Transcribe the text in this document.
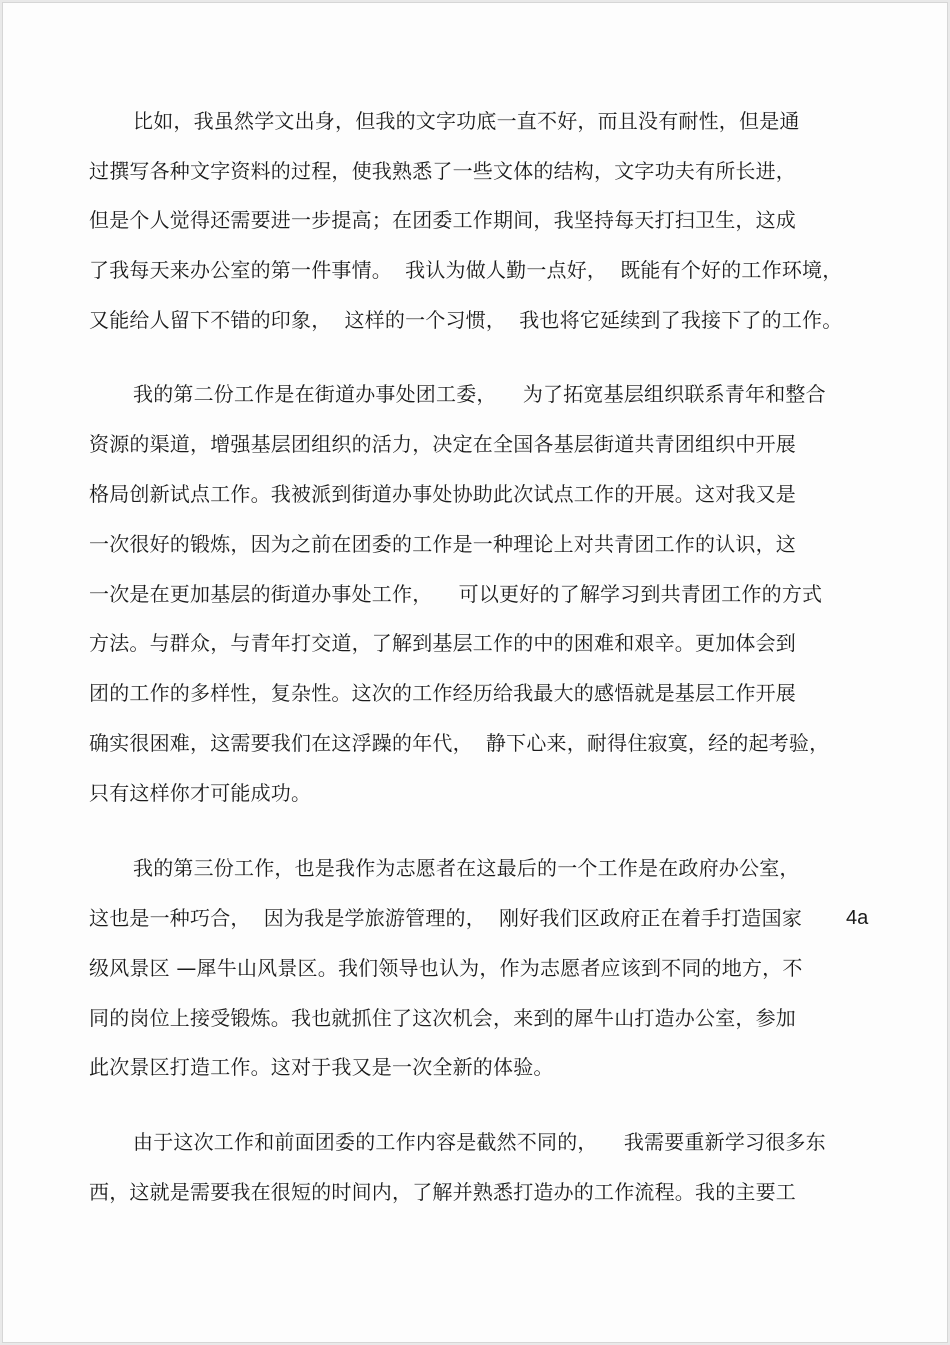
比如，我虽然学文出身，但我的文字功底一直不好，而且没有耐性，但是通
过撰写各种文字资料的过程，使我熟悉了一些文体的结构，文字功夫有所长进，
但是个人觉得还需要进一步提高；在团委工作期间，我坚持每天打扫卫生，这成
了我每天来办公室的第一件事情。  我认为做人勤一点好，  既能有个好的工作环境，
又能给人留下不错的印象，  这样的一个习惯，  我也将它延续到了我接下了的工作。
我的第二份工作是在街道办事处团工委，    为了拓宽基层组织联系青年和整合
资源的渠道，增强基层团组织的活力，决定在全国各基层街道共青团组织中开展
格局创新试点工作。我被派到街道办事处协助此次试点工作的开展。这对我又是
一次很好的锻炼，因为之前在团委的工作是一种理论上对共青团工作的认识，这
一次是在更加基层的街道办事处工作，    可以更好的了解学习到共青团工作的方式
方法。与群众，与青年打交道，了解到基层工作的中的困难和艰辛。更加体会到
团的工作的多样性，复杂性。这次的工作经历给我最大的感悟就是基层工作开展
确实很困难，这需要我们在这浮躁的年代，  静下心来，耐得住寂寞，经的起考验，
只有这样你才可能成功。
我的第三份工作，也是我作为志愿者在这最后的一个工作是在政府办公室，
这也是一种巧合，  因为我是学旅游管理的，  刚好我们区政府正在着手打造国家 4a
级风景区 —犀牛山风景区。我们领导也认为，作为志愿者应该到不同的地方，不
同的岗位上接受锻炼。我也就抓住了这次机会，来到的犀牛山打造办公室，参加
此次景区打造工作。这对于我又是一次全新的体验。
由于这次工作和前面团委的工作内容是截然不同的，    我需要重新学习很多东
西，这就是需要我在很短的时间内，了解并熟悉打造办的工作流程。我的主要工
